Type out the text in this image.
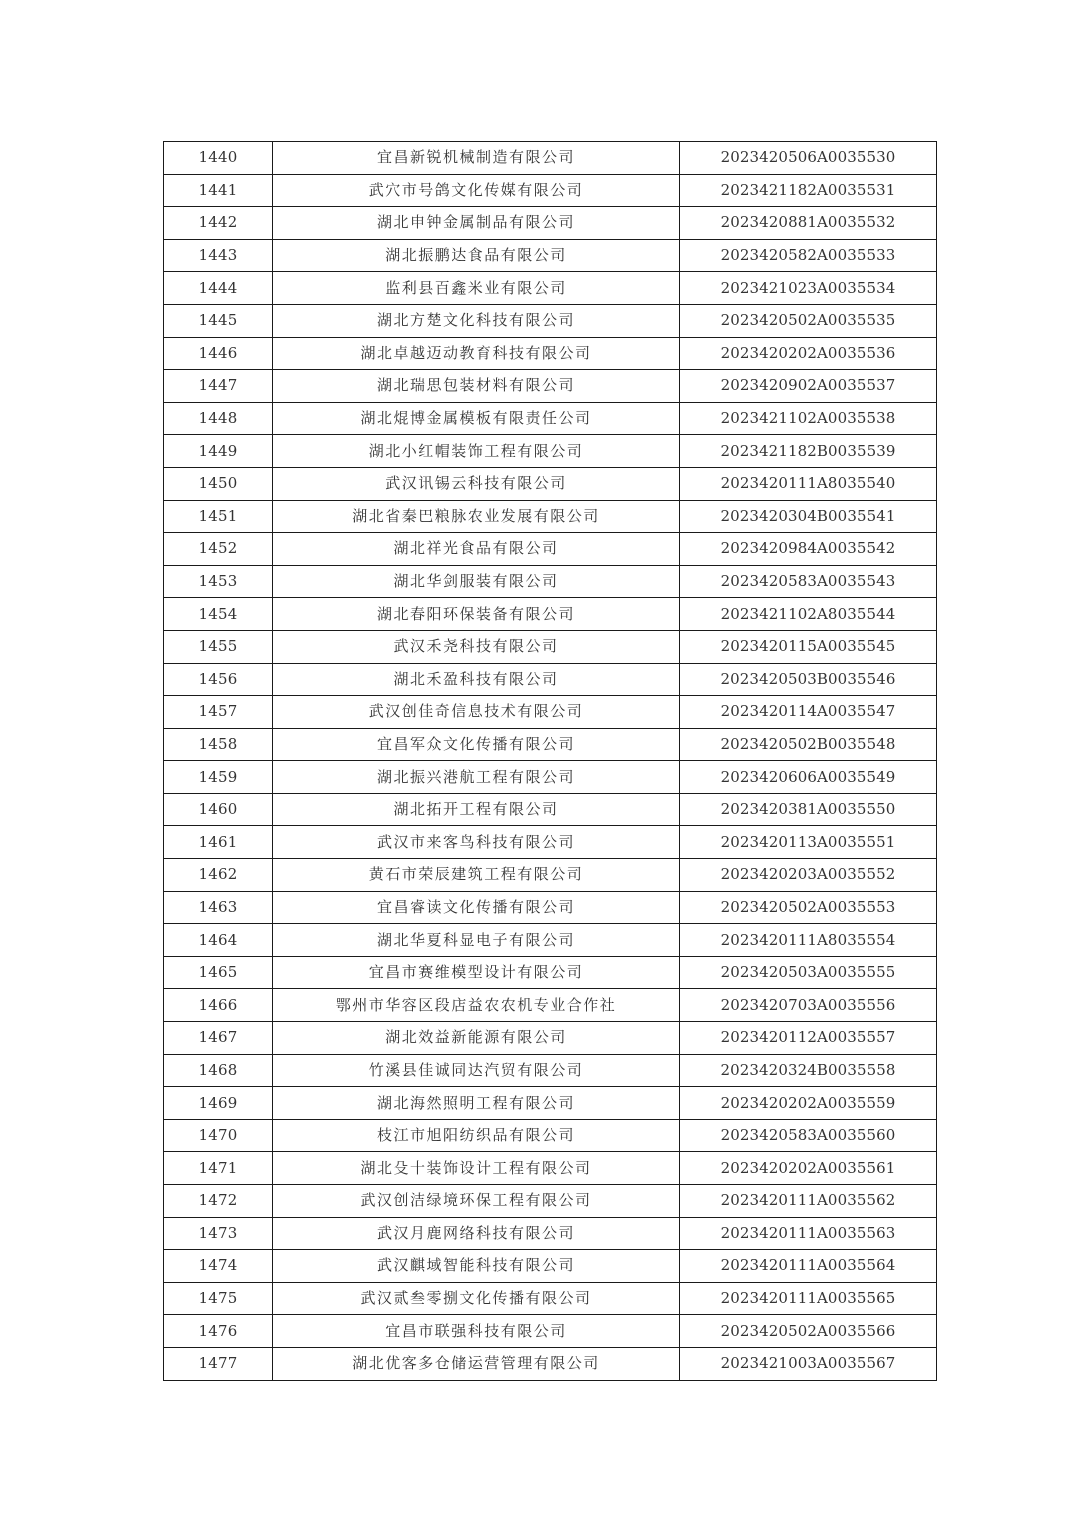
1440	宜昌新锐机械制造有限公司	2023420506A0035530
1441	武穴市号鸽文化传媒有限公司	2023421182A0035531
1442	湖北申钟金属制品有限公司	2023420881A0035532
1443	湖北振鹏达食品有限公司	2023420582A0035533
1444	监利县百鑫米业有限公司	2023421023A0035534
1445	湖北方楚文化科技有限公司	2023420502A0035535
1446	湖北卓越迈动教育科技有限公司	2023420202A0035536
1447	湖北瑞思包装材料有限公司	2023420902A0035537
1448	湖北焜博金属模板有限责任公司	2023421102A0035538
1449	湖北小红帽装饰工程有限公司	2023421182B0035539
1450	武汉讯锡云科技有限公司	2023420111A8035540
1451	湖北省秦巴粮脉农业发展有限公司	2023420304B0035541
1452	湖北祥光食品有限公司	2023420984A0035542
1453	湖北华剑服装有限公司	2023420583A0035543
1454	湖北春阳环保装备有限公司	2023421102A8035544
1455	武汉禾尧科技有限公司	2023420115A0035545
1456	湖北禾盈科技有限公司	2023420503B0035546
1457	武汉创佳奇信息技术有限公司	2023420114A0035547
1458	宜昌军众文化传播有限公司	2023420502B0035548
1459	湖北振兴港航工程有限公司	2023420606A0035549
1460	湖北拓开工程有限公司	2023420381A0035550
1461	武汉市来客鸟科技有限公司	2023420113A0035551
1462	黄石市荣辰建筑工程有限公司	2023420203A0035552
1463	宜昌睿读文化传播有限公司	2023420502A0035553
1464	湖北华夏科显电子有限公司	2023420111A8035554
1465	宜昌市赛维模型设计有限公司	2023420503A0035555
1466	鄂州市华容区段店益农农机专业合作社	2023420703A0035556
1467	湖北效益新能源有限公司	2023420112A0035557
1468	竹溪县佳诚同达汽贸有限公司	2023420324B0035558
1469	湖北海然照明工程有限公司	2023420202A0035559
1470	枝江市旭阳纺织品有限公司	2023420583A0035560
1471	湖北殳十装饰设计工程有限公司	2023420202A0035561
1472	武汉创洁绿境环保工程有限公司	2023420111A0035562
1473	武汉月鹿网络科技有限公司	2023420111A0035563
1474	武汉麒域智能科技有限公司	2023420111A0035564
1475	武汉贰叁零捌文化传播有限公司	2023420111A0035565
1476	宜昌市联强科技有限公司	2023420502A0035566
1477	湖北优客多仓储运营管理有限公司	2023421003A0035567
